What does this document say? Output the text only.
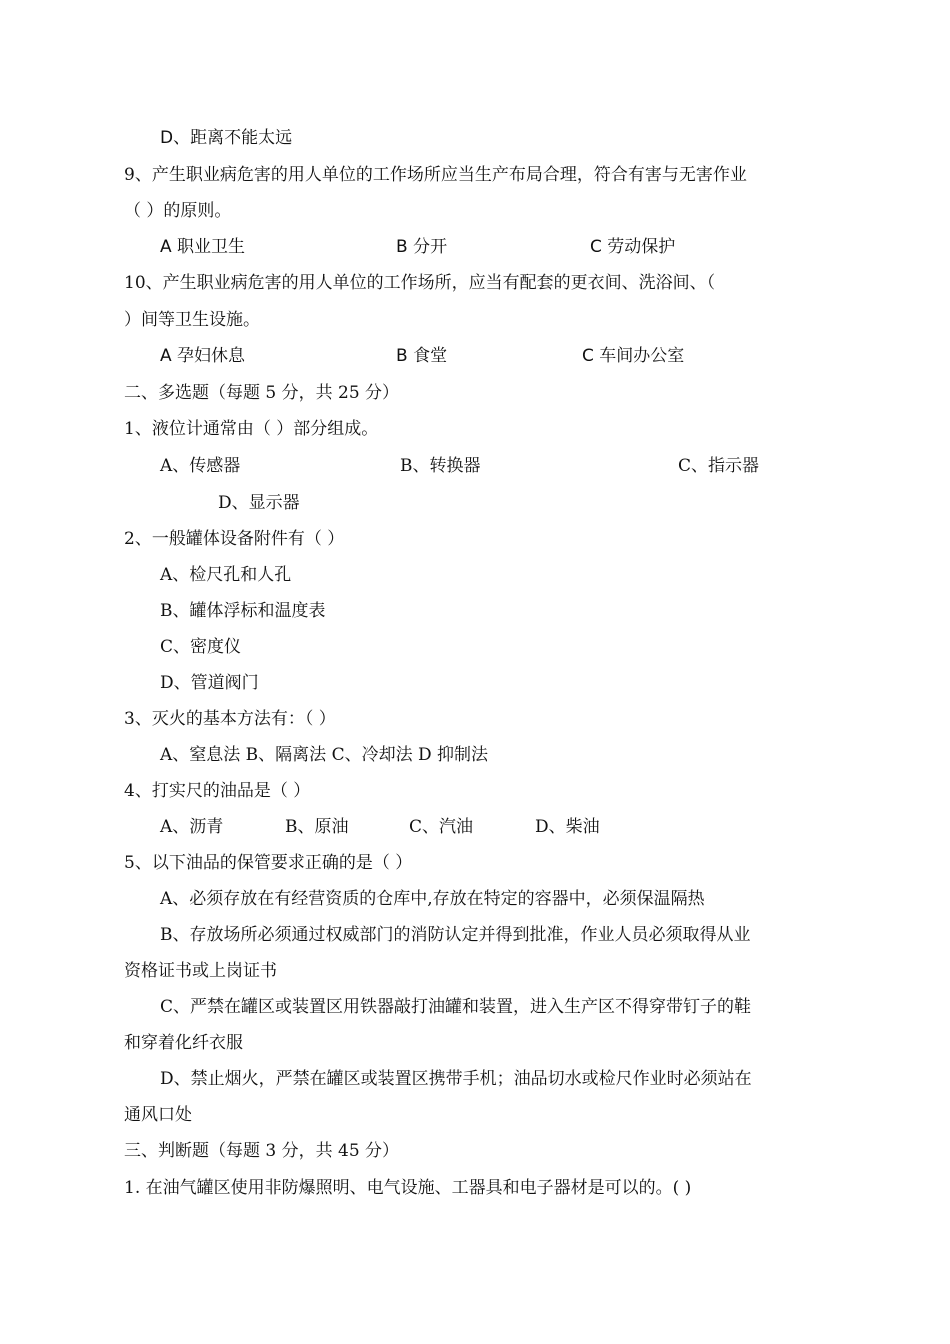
D、距离不能太远
9、产生职业病危害的用人单位的工作场所应当生产布局合理，符合有害与无害作业
（ ）的原则。
A 职业卫生	B 分开	C 劳动保护
10、产生职业病危害的用人单位的工作场所，应当有配套的更衣间、洗浴间、（
）间等卫生设施。
A 孕妇休息	B 食堂	C 车间办公室
二、多选题（每题 5 分，共 25 分）
1、液位计通常由（ ）部分组成。
A、传感器	B、转换器	C、指示器
D、显示器
2、一般罐体设备附件有（ ）
A、检尺孔和人孔
B、罐体浮标和温度表
C、密度仪
D、管道阀门
3、灭火的基本方法有：（ ）
A、窒息法 B、隔离法 C、冷却法 D 抑制法
4、打实尺的油品是（ ）
A、沥青	B、原油	C、汽油	D、柴油
5、以下油品的保管要求正确的是（ ）
A、必须存放在有经营资质的仓库中,存放在特定的容器中，必须保温隔热
B、存放场所必须通过权威部门的消防认定并得到批准，作业人员必须取得从业
资格证书或上岗证书
C、严禁在罐区或装置区用铁器敲打油罐和装置，进入生产区不得穿带钉子的鞋
和穿着化纤衣服
D、禁止烟火，严禁在罐区或装置区携带手机；油品切水或检尺作业时必须站在
通风口处
三、判断题（每题 3 分，共 45 分）
1. 在油气罐区使用非防爆照明、电气设施、工器具和电子器材是可以的。( )
